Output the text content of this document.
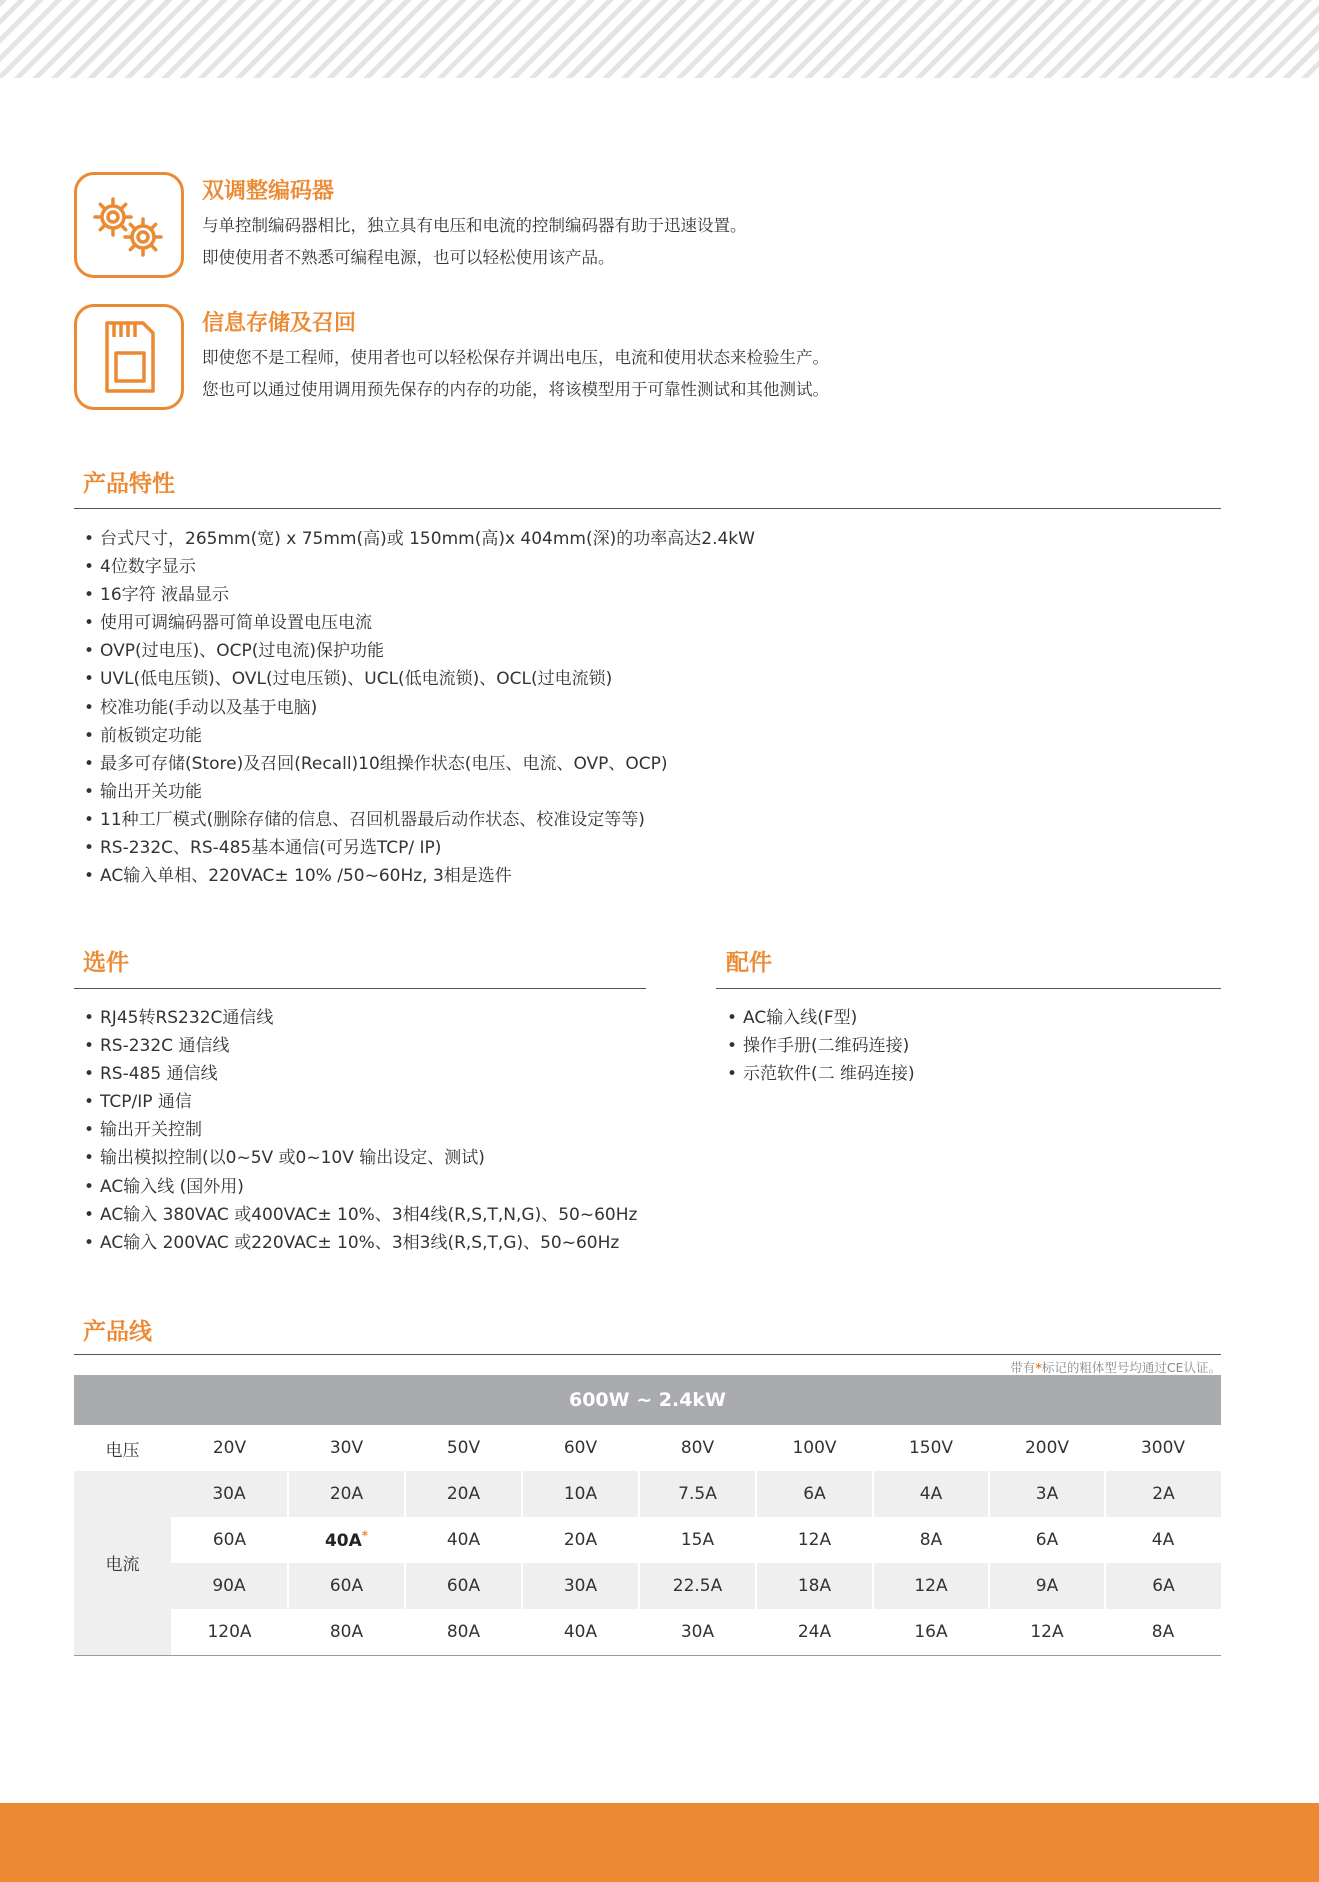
双调整编码器
与单控制编码器相比，独立具有电压和电流的控制编码器有助于迅速设置。
即使使用者不熟悉可编程电源，也可以轻松使用该产品。
信息存储及召回
即使您不是工程师，使用者也可以轻松保存并调出电压，电流和使用状态来检验生产。
您也可以通过使用调用预先保存的内存的功能，将该模型用于可靠性测试和其他测试。
产品特性
• 台式尺寸，265mm(宽) x 75mm(高)或 150mm(高)x 404mm(深)的功率高达2.4kW
• 4位数字显示
• 16字符 液晶显示
• 使用可调编码器可简单设置电压电流
• OVP(过电压)、OCP(过电流)保护功能
• UVL(低电压锁)、OVL(过电压锁)、UCL(低电流锁)、OCL(过电流锁)
• 校准功能(手动以及基于电脑)
• 前板锁定功能
• 最多可存储(Store)及召回(Recall)10组操作状态(电压、电流、OVP、OCP)
• 输出开关功能
• 11种工厂模式(删除存储的信息、召回机器最后动作状态、校准设定等等)
• RS-232C、RS-485基本通信(可另选TCP/ IP)
• AC输入单相、220VAC± 10% /50~60Hz, 3相是选件
选件
• RJ45转RS232C通信线
• RS-232C 通信线
• RS-485 通信线
• TCP/IP 通信
• 输出开关控制
• 输出模拟控制(以0~5V 或0~10V 输出设定、测试)
• AC输入线 (国外用)
• AC输入 380VAC 或400VAC± 10%、3相4线(R,S,T,N,G)、50~60Hz
• AC输入 200VAC 或220VAC± 10%、3相3线(R,S,T,G)、50~60Hz
配件
• AC输入线(F型)
• 操作手册(二维码连接)
• 示范软件(二 维码连接)
产品线
带有*标记的粗体型号均通过CE认证。
600W ~ 2.4kW									
电压	20V	30V	50V	60V	80V	100V	150V	200V	300V
电流	30A	20A	20A	10A	7.5A	6A	4A	3A	2A
	60A	40A*	40A	20A	15A	12A	8A	6A	4A
	90A	60A	60A	30A	22.5A	18A	12A	9A	6A
	120A	80A	80A	40A	30A	24A	16A	12A	8A
